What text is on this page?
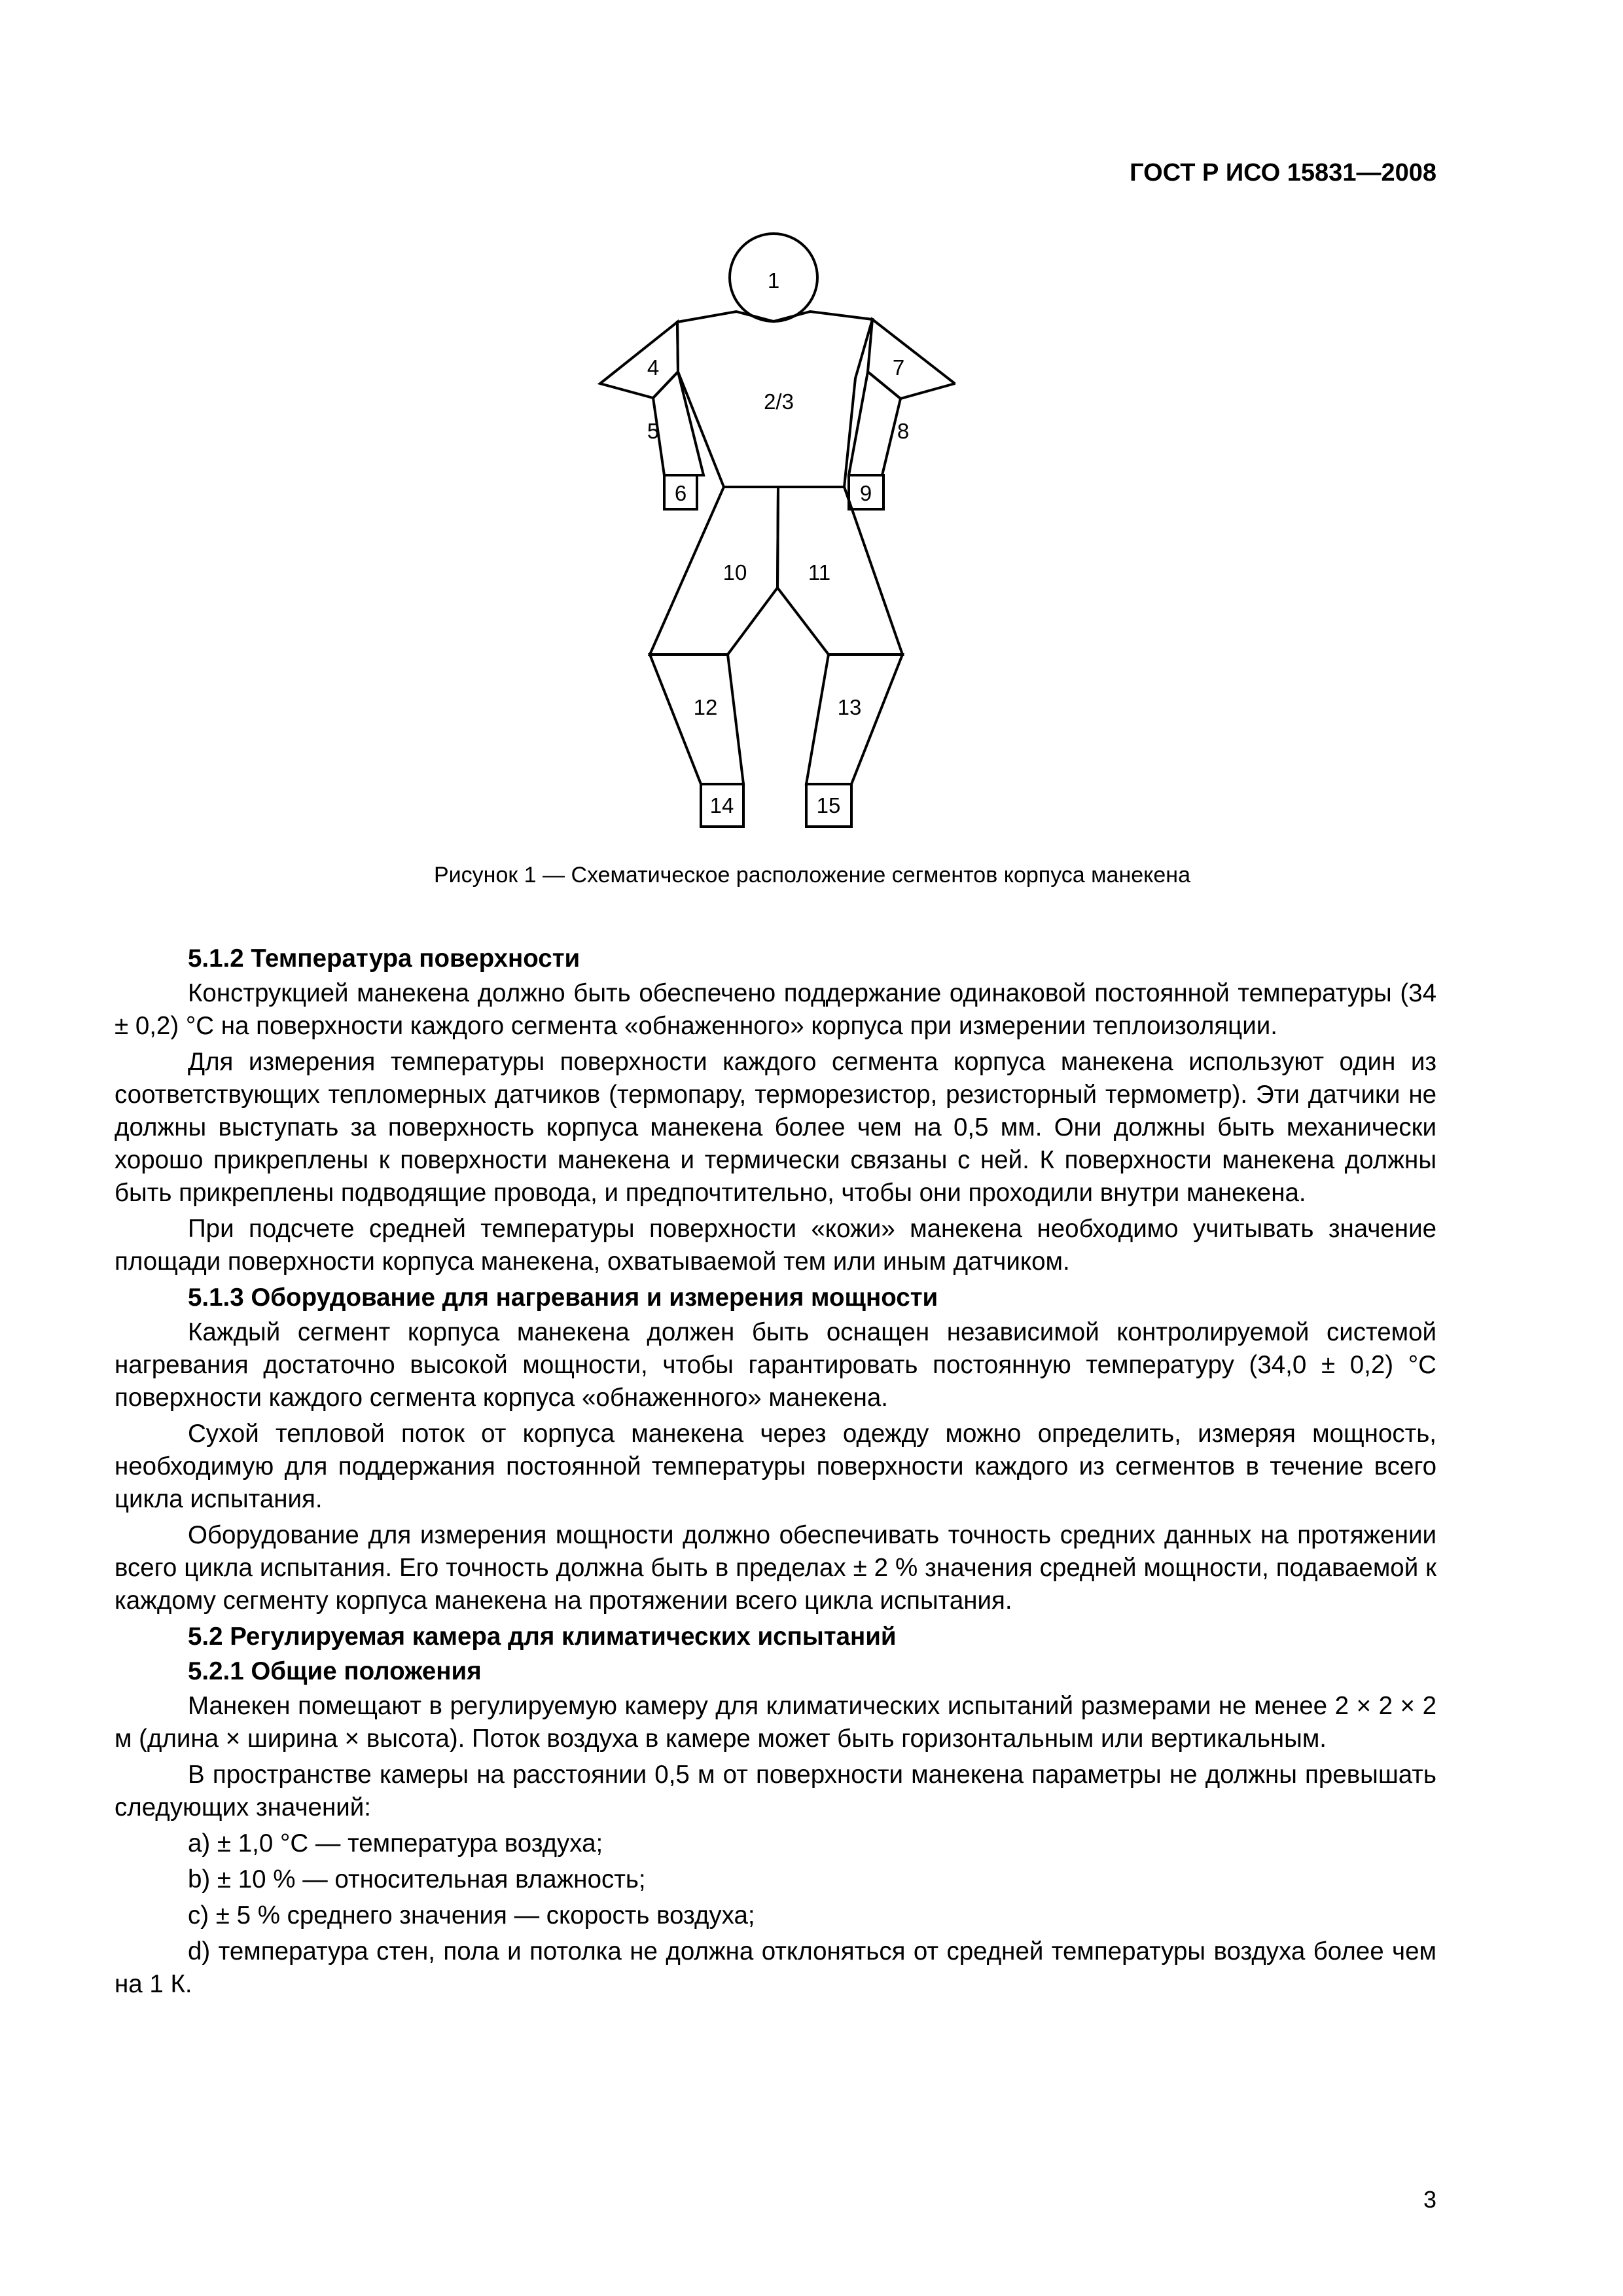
ГОСТ Р ИСО 15831—2008
1
2/3
4
5
6
7
8
9
10	11
12	13
14	15
Рисунок 1 — Схематическое расположение сегментов корпуса манекена
5.1.2 Температура поверхности

Конструкцией манекена должно быть обеспечено поддержание одинаковой постоянной температуры (34 ± 0,2) °С на поверхности каждого сегмента «обнаженного» корпуса при измерении теплоизоляции.

Для измерения температуры поверхности каждого сегмента корпуса манекена используют один из соответствующих тепломерных датчиков (термопару, терморезистор, резисторный термометр). Эти датчики не должны выступать за поверхность корпуса манекена более чем на 0,5 мм. Они должны быть механически хорошо прикреплены к поверхности манекена и термически связаны с ней. К поверхности манекена должны быть прикреплены подводящие провода, и предпочтительно, чтобы они проходили внутри манекена.

При подсчете средней температуры поверхности «кожи» манекена необходимо учитывать значение площади поверхности корпуса манекена, охватываемой тем или иным датчиком.

5.1.3 Оборудование для нагревания и измерения мощности

Каждый сегмент корпуса манекена должен быть оснащен независимой контролируемой системой нагревания достаточно высокой мощности, чтобы гарантировать постоянную температуру (34,0 ± 0,2) °С поверхности каждого сегмента корпуса «обнаженного» манекена.

Сухой тепловой поток от корпуса манекена через одежду можно определить, измеряя мощность, необходимую для поддержания постоянной температуры поверхности каждого из сегментов в течение всего цикла испытания.

Оборудование для измерения мощности должно обеспечивать точность средних данных на протяжении всего цикла испытания. Его точность должна быть в пределах ± 2 % значения средней мощности, подаваемой к каждому сегменту корпуса манекена на протяжении всего цикла испытания.

5.2 Регулируемая камера для климатических испытаний
5.2.1 Общие положения

Манекен помещают в регулируемую камеру для климатических испытаний размерами не менее 2 × 2 × 2 м (длина × ширина × высота). Поток воздуха в камере может быть горизонтальным или вертикальным.

В пространстве камеры на расстоянии 0,5 м от поверхности манекена параметры не должны превышать следующих значений:

a) ± 1,0 °С — температура воздуха;

b) ± 10 % — относительная влажность;

c) ± 5 % среднего значения — скорость воздуха;

d) температура стен, пола и потолка не должна отклоняться от средней температуры воздуха более чем на 1 К.

3
